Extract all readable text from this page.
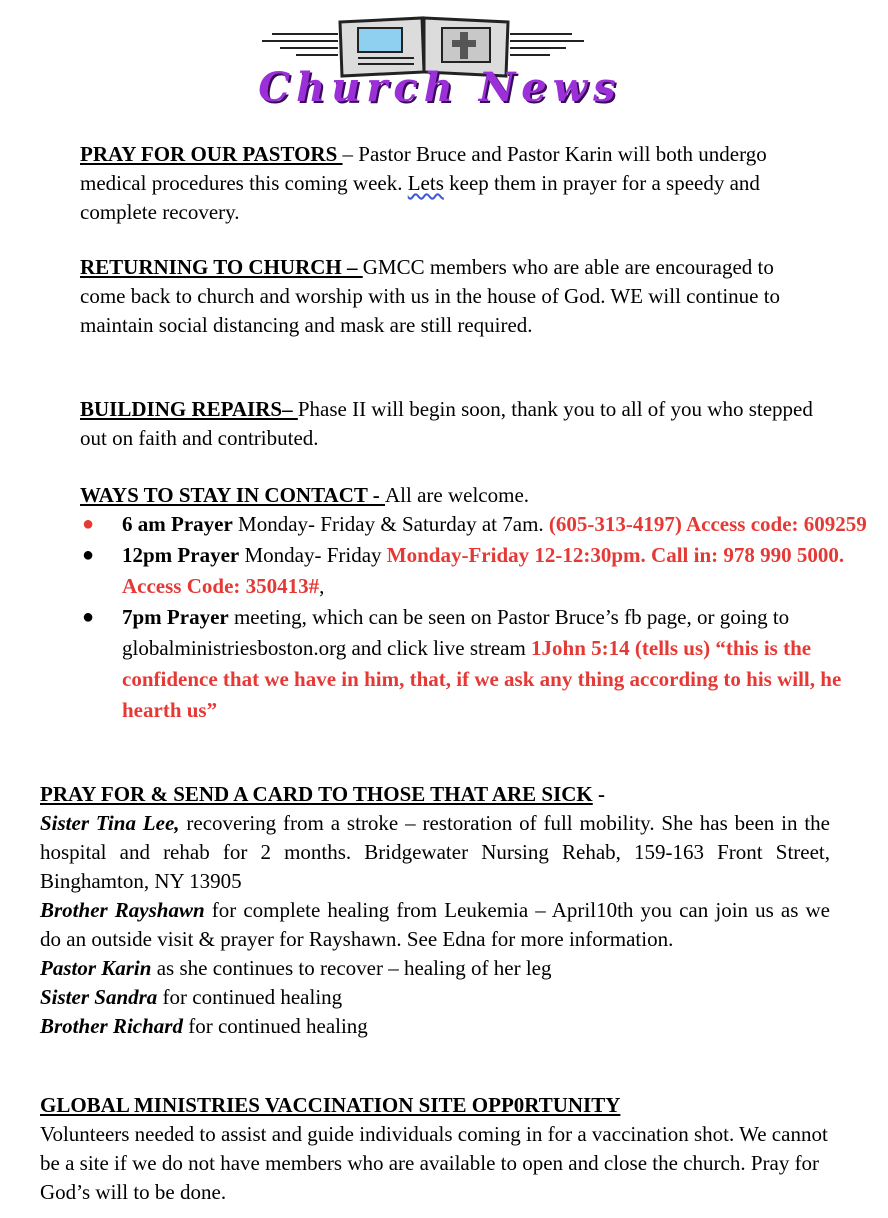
Church News

PRAY FOR OUR PASTORS – Pastor Bruce and Pastor Karin will both undergo medical procedures this coming week. Lets keep them in prayer for a speedy and complete recovery.

RETURNING TO CHURCH – GMCC members who are able are encouraged to come back to church and worship with us in the house of God. WE will continue to maintain social distancing and mask are still required.

BUILDING REPAIRS– Phase II will begin soon, thank you to all of you who stepped out on faith and contributed.

WAYS TO STAY IN CONTACT - All are welcome.

● 6 am Prayer Monday- Friday & Saturday at 7am. (605-313-4197) Access code: 609259
● 12pm Prayer Monday- Friday Monday-Friday 12-12:30pm. Call in: 978 990 5000. Access Code: 350413#,
● 7pm Prayer meeting, which can be seen on Pastor Bruce’s fb page, or going to globalministriesboston.org and click live stream 1John 5:14 (tells us) “this is the confidence that we have in him, that, if we ask any thing according to his will, he hearth us”
PRAY FOR & SEND A CARD TO THOSE THAT ARE SICK -
Sister Tina Lee, recovering from a stroke – restoration of full mobility. She has been in the hospital and rehab for 2 months. Bridgewater Nursing Rehab, 159-163 Front Street, Binghamton, NY 13905
Brother Rayshawn for complete healing from Leukemia – April10th you can join us as we do an outside visit & prayer for Rayshawn. See Edna for more information.
Pastor Karin as she continues to recover – healing of her leg
Sister Sandra for continued healing
Brother Richard for continued healing
GLOBAL MINISTRIES VACCINATION SITE OPP0RTUNITY
Volunteers needed to assist and guide individuals coming in for a vaccination shot. We cannot be a site if we do not have members who are available to open and close the church. Pray for God’s will to be done.
